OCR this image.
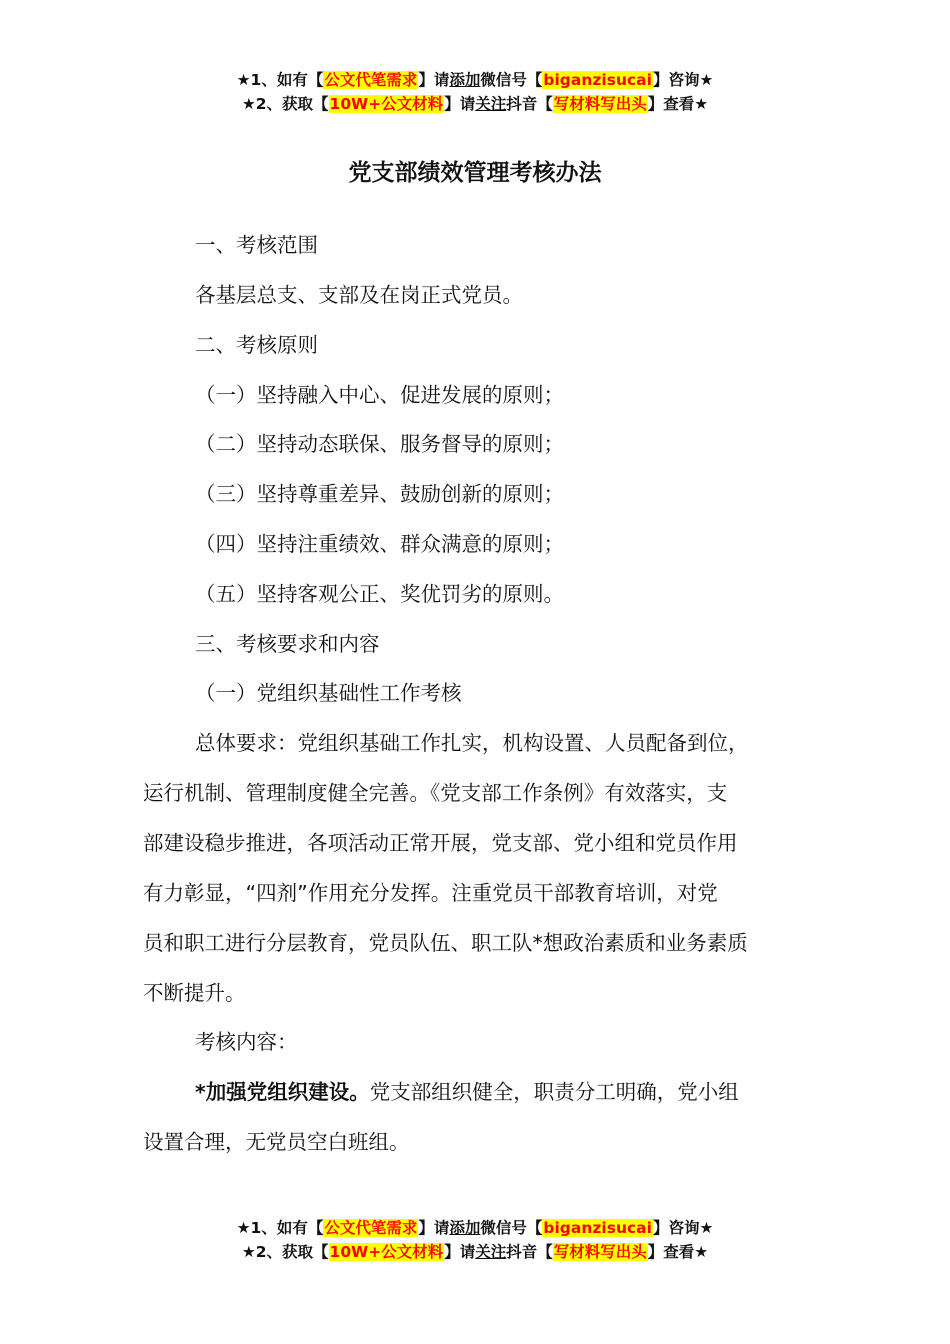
★1、如有【公文代笔需求】请添加微信号【biganzisucai】咨询★
★2、获取【10W+公文材料】请关注抖音【写材料写出头】查看★
党支部绩效管理考核办法
一、考核范围
各基层总支、支部及在岗正式党员。
二、考核原则
（一）坚持融入中心、促进发展的原则；
（二）坚持动态联保、服务督导的原则；
（三）坚持尊重差异、鼓励创新的原则；
（四）坚持注重绩效、群众满意的原则；
（五）坚持客观公正、奖优罚劣的原则。
三、考核要求和内容
（一）党组织基础性工作考核
总体要求：党组织基础工作扎实，机构设置、人员配备到位，
运行机制、管理制度健全完善。《党支部工作条例》有效落实，支
部建设稳步推进，各项活动正常开展，党支部、党小组和党员作用
有力彰显，“四剂”作用充分发挥。注重党员干部教育培训，对党
员和职工进行分层教育，党员队伍、职工队*想政治素质和业务素质
不断提升。
考核内容：
*加强党组织建设。党支部组织健全，职责分工明确，党小组
设置合理，无党员空白班组。
★1、如有【公文代笔需求】请添加微信号【biganzisucai】咨询★
★2、获取【10W+公文材料】请关注抖音【写材料写出头】查看★
